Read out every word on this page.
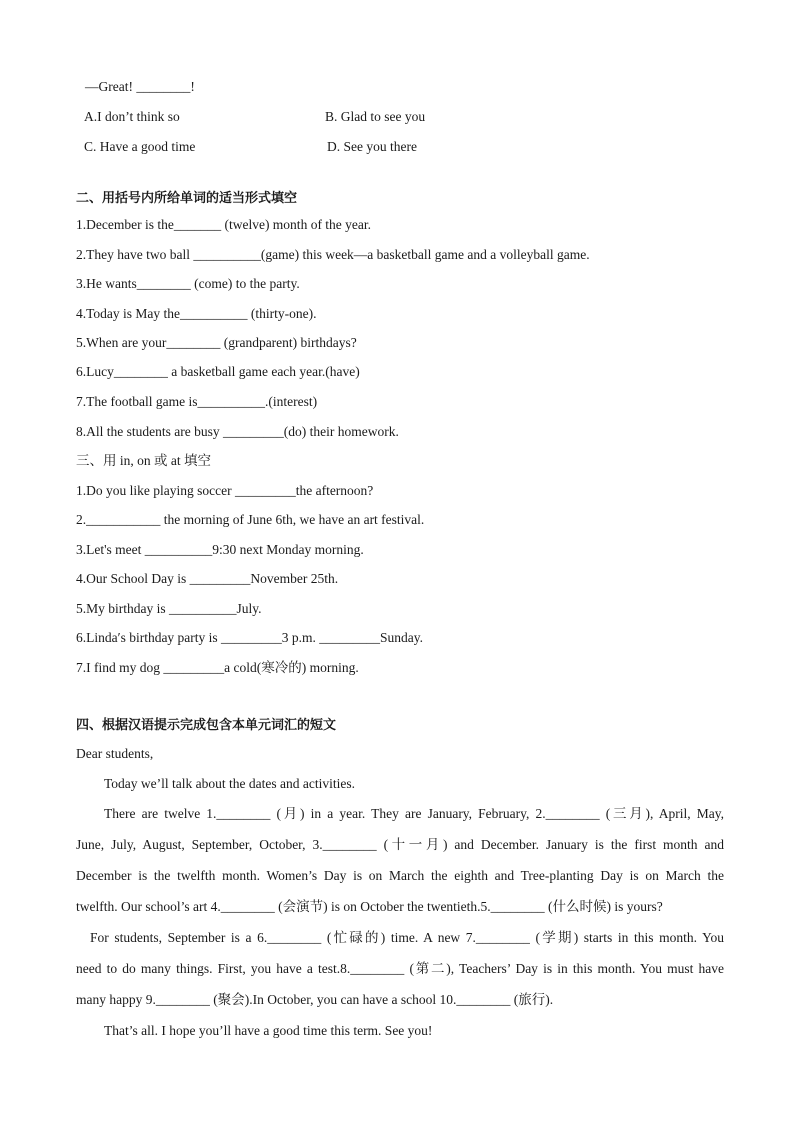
—Great! ________!
A.I don’t think so	B. Glad to see you
C. Have a good time	D. See you there
二、用括号内所给单词的适当形式填空
1.December is the_______ (twelve) month of the year.
2.They have two ball __________(game) this week—a basketball game and a volleyball game.
3.He wants________ (come) to the party.
4.Today is May the__________ (thirty-one).
5.When are your________ (grandparent) birthdays?
6.Lucy________ a basketball game each year.(have)
7.The football game is__________.(interest)
8.All the students are busy _________(do) their homework.
三、用 in, on 或 at 填空
1.Do you like playing soccer _________the afternoon?
2.___________ the morning of June 6th, we have an art festival.
3.Let's meet __________9:30 next Monday morning.
4.Our School Day is _________November 25th.
5.My birthday is __________July.
6.Linda′s birthday party is _________3 p.m. _________Sunday.
7.I find my dog _________a cold(寒冷的) morning.
四、根据汉语提示完成包含本单元词汇的短文
Dear students,
Today we’ll talk about the dates and activities.
There are twelve 1.________ (月) in a year. They are January, February, 2.________ (三月), April, May,
June, July, August, September, October, 3.________ (十一月) and December. January is the first month and
December is the twelfth month. Women’s Day is on March the eighth and Tree-planting Day is on March the
twelfth. Our school’s art 4.________ (会演节) is on October the twentieth.5.________ (什么时候) is yours?
For students, September is a 6.________ (忙碌的) time. A new 7.________ (学期) starts in this month. You
need to do many things. First, you have a test.8.________ (第二), Teachers’ Day is in this month. You must have
many happy 9.________ (聚会).In October, you can have a school 10.________ (旅行).
That’s all. I hope you’ll have a good time this term. See you!
